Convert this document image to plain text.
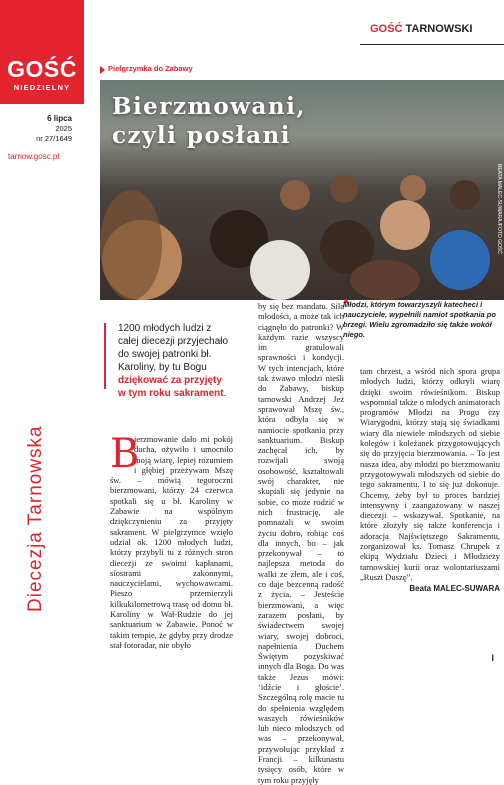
GOŚĆ
NIEDZIELNY
6 lipca
2025
nr 27/1649
tarnow.gosc.pl
Diecezja Tarnowska
GOŚĆ TARNOWSKI
Pielgrzymka do Zabawy
Bierzmowani,
czyli posłani
BEATA MALEC-SUWARA /FOTO GOŚĆ
Młodzi, którym towarzyszyli katecheci i nauczyciele, wypełnili namiot spotkania po brzegi. Wielu zgromadziło się także wokół niego.
1200 młodych ludzi z całej diecezji przyjechało do swojej patronki bł. Karoliny, by tu Bogu dziękować za przyjęty w tym roku sakrament.

ierzmowanie dało mi pokój ducha, ożywiło i umocniło moją wiarę, lepiej rozumiem i głębiej przeżywam Mszę św. – mówią tegoroczni bierzmowani, którzy 24 czerwca spotkali się u bł. Karoliny w Zabawie na wspólnym dziękczynieniu za przyjęty sakrament. W pielgrzymce wzięło udział ok. 1200 młodych ludzi, którzy przybyli tu z różnych stron diecezji ze swoimi kapłanami, siostrami zakonnymi, nauczycielami, wychowawcami. Pieszo przemierzyli kilkukilometrową trasę od domu bł. Karoliny w Wał-Rudzie do jej sanktuarium w Zabawie. Ponoć w takim tempie, że gdyby przy drodze stał fotoradar, nie obyło

B

by się bez mandatu. Siła młodości, a może tak ich ciągnęło do patronki? W każdym razie wszyscy im gratulowali sprawności i kondycji. W tych intencjach, które tak żwawo młodzi nieśli do Zabawy, biskup tarnowski Andrzej Jeż sprawował Mszę św., która odbyła się w namiocie spotkania przy sanktuarium. Biskup zachęcał ich, by rozwijali swoją osobowość, kształtowali swój charakter, nie skupiali się jedynie na sobie, co może rodzić w nich frustrację, ale pomnażali w swoim życiu dobro, robiąc coś dla innych, bo – jak przekonywał – to najlepsza metoda do walki ze złem, ale i coś, co daje bezcenną radość z życia. – Jesteście bierzmowani, a więc zarazem posłani, by świadectwem swojej wiary, swojej dobroci, napełnienia Duchem Świętym pozyskiwać innych dla Boga. Do was także Jezus mówi: ‘idźcie i głoście’. Szczególną rolę macie tu do spełnienia względem waszych rówieśników lub nieco młodszych od was – przekonywał, przywołując przykład z Francji – kilkunastu tysięcy osób, które w tym roku przyjęły

tam chrzest, a wśród nich spora grupa młodych ludzi, którzy odkryli wiarę dzięki swoim rówieśnikom. Biskup wspomniał także o młodych animatorach programów Młodzi na Progu czy Wiarygodni, którzy stają się świadkami wiary dla niewiele młodszych od siebie kolegów i koleżanek przygotowujących się do przyjęcia bierzmowania. – To jest nasza idea, aby młodzi po bierzmowaniu przygotowywali młodszych od siebie do tego sakramentu. I to się już dokonuje. Chcemy, żeby był to proces bardziej intensywny i zaangażowany w naszej diecezji – wskazywał. Spotkanie, na które złożyły się także konferencja i adoracja Najświętszego Sakramentu, zorganizował ks. Tomasz Chrupek z ekipą Wydziału Dzieci i Młodzieży tarnowskiej kurii oraz wolontariuszami „Ruszt Duszę”.

Beata MALEC-SUWARA
I
